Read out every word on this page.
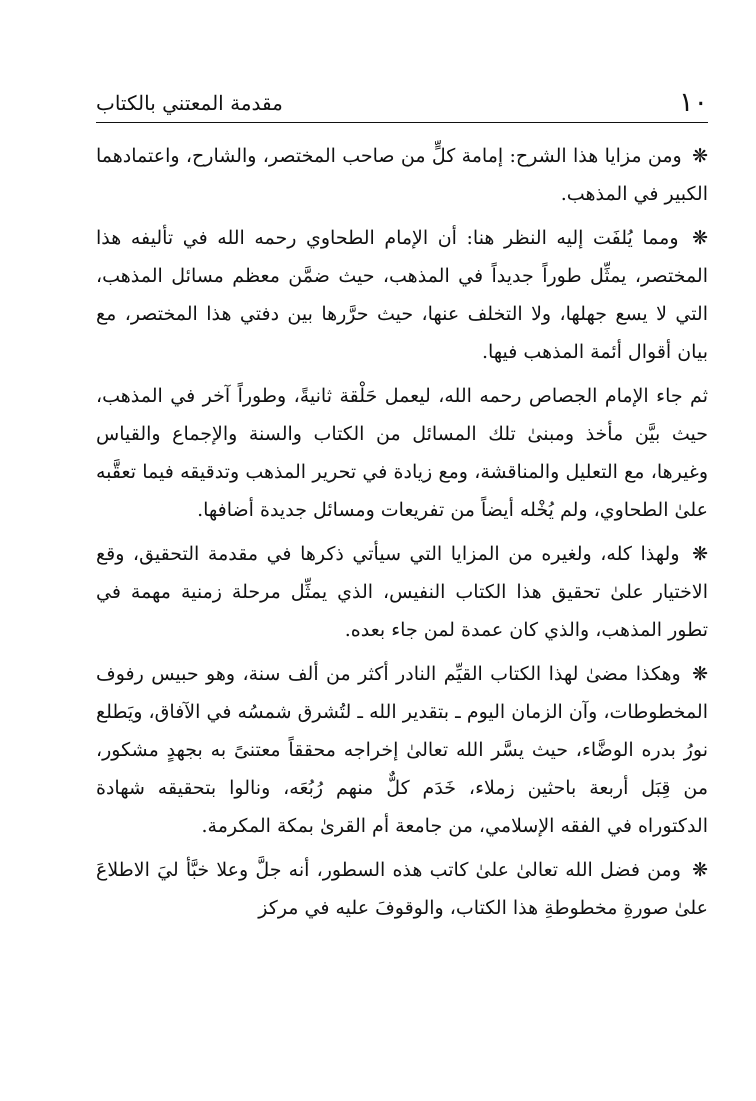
١٠
مقدمة المعتني بالكتاب

❋ ومن مزايا هذا الشرح: إمامة كلٍّ من صاحب المختصر، والشارح، واعتمادهما الكبير في المذهب.

❋ ومما يُلفَت إليه النظر هنا: أن الإمام الطحاوي رحمه الله في تأليفه هذا المختصر، يمثِّل طوراً جديداً في المذهب، حيث ضمَّن معظم مسائل المذهب، التي لا يسع جهلها، ولا التخلف عنها، حيث حرَّرها بين دفتي هذا المختصر، مع بيان أقوال أئمة المذهب فيها.

ثم جاء الإمام الجصاص رحمه الله، ليعمل حَلْقة ثانيةً، وطوراً آخر في المذهب، حيث بيَّن مأخذ ومبنىٰ تلك المسائل من الكتاب والسنة والإجماع والقياس وغيرها، مع التعليل والمناقشة، ومع زيادة في تحرير المذهب وتدقيقه فيما تعقَّبه علىٰ الطحاوي، ولم يُخْله أيضاً من تفريعات ومسائل جديدة أضافها.

❋ ولهذا كله، ولغيره من المزايا التي سيأتي ذكرها في مقدمة التحقيق، وقع الاختيار علىٰ تحقيق هذا الكتاب النفيس، الذي يمثِّل مرحلة زمنية مهمة في تطور المذهب، والذي كان عمدة لمن جاء بعده.

❋ وهكذا مضىٰ لهذا الكتاب القيِّم النادر أكثر من ألف سنة، وهو حبيس رفوف المخطوطات، وآن الزمان اليوم ـ بتقدير الله ـ لتُشرق شمسُه في الآفاق، ويَطلع نورُ بدره الوضَّاء، حيث يسَّر الله تعالىٰ إخراجه محققاً معتنىً به بجهدٍ مشكور، من قِبَل أربعة باحثين زملاء، خَدَم كلٌّ منهم رُبُعَه، ونالوا بتحقيقه شهادة الدكتوراه في الفقه الإسلامي، من جامعة أم القرىٰ بمكة المكرمة.

❋ ومن فضل الله تعالىٰ علىٰ كاتب هذه السطور، أنه جلَّ وعلا خبَّأ ليَ الاطلاعَ علىٰ صورةِ مخطوطةِ هذا الكتاب، والوقوفَ عليه في مركز
